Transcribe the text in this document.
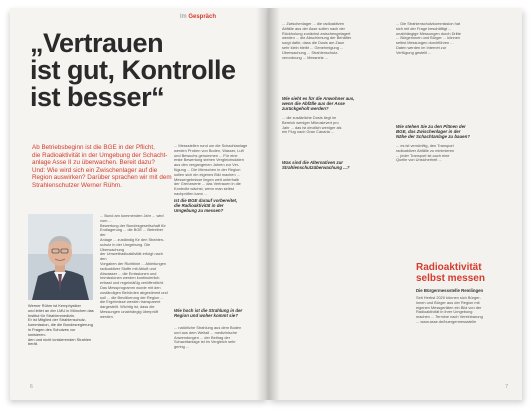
Im Gespräch
„Vertrauen
ist gut, Kontrolle
ist besser“
Ab Betriebsbeginn ist die BGE in der Pflicht,
die Radioaktivität in der Umgebung der Schacht-
anlage Asse II zu überwachen. Bereit dazu?
Und: Wie wird sich ein Zwischenlager auf die
Region auswirken? Darüber sprachen wir mit dem
Strahlenschutzer Werner Rühm.
Werner Rühm ist Kernphysiker
und leitet an der LMU in München das
Institut für Strahlenmedizin.
Er ist Mitglied der Strahlenschutz-
kommission, die die Bundesregierung
in Fragen des Schutzes vor ionisieren-
den und nicht ionisierenden Strahlen
berät.
... Bund am kommenden Jahr ... wird vom ...
Bewertung der Bundesgesellschaft für
Endlagerung ... die BGE ... Betreiber der
Anlage ... zuständig für den Strahlen-
schutz in der Umgebung. Die Überwachung
der Umweltradioaktivität erfolgt nach den
Vorgaben der Richtlinie ... Ableitungen
radioaktiver Stoffe mit Abluft und
Abwasser ... die Emissionen und
Immissionen werden kontinuierlich
erfasst und regelmäßig veröffentlicht.
Das Messprogramm wurde mit den
zuständigen Behörden abgestimmt und
soll ... die Bevölkerung der Region ...
die Ergebnisse werden transparent
dargestellt. Wichtig ist, dass die
Messungen unabhängig überprüft werden.
... Messstellen rund um die Schachtanlage
werden Proben von Boden, Wasser, Luft
und Bewuchs genommen ... Für eine
erste Bewertung stehen Vergleichsdaten
aus den vergangenen Jahren zur Ver-
fügung ... Die Menschen in der Region
sollen sich ein eigenes Bild machen ...
Messergebnisse liegen weit unterhalb
der Grenzwerte ... das Vertrauen in die
Kontrolle wächst, wenn man selbst
nachprüfen kann ...
Ist die BGE darauf vorbereitet,
die Radioaktivität in der
Umgebung zu messen?
Wie hoch ist die Strahlung in der
Region und woher kommt sie?
... natürliche Strahlung aus dem Boden
und aus dem Weltall ... medizinische
Anwendungen ... der Beitrag der
Schachtanlage ist im Vergleich sehr
gering ...
6
... Zwischenlager ... die radioaktiven
Abfälle aus der Asse sollen nach der
Rückholung zunächst zwischengelagert
werden ... die Abschirmung der Behälter
sorgt dafür, dass die Dosis am Zaun
sehr klein bleibt ... Genehmigung ...
Überwachung ... Strahlenschutz-
verordnung ... Messnetz ...
Wie sieht es für die Anwohner aus,
wenn die Abfälle aus der Asse
zurückgeholt werden?
... die zusätzliche Dosis liegt im
Bereich weniger Mikrosievert pro
Jahr ... das ist deutlich weniger als
ein Flug nach Gran Canaria ...
Was sind die Alternativen zur
Strahlenschutzüberwachung ...?
... Die Strahlenschutzkommission hat
sich mit der Frage beschäftigt ...
unabhängige Messungen durch Dritte
... Bürgerinnen und Bürger ... können
selbst Messungen durchführen ...
Daten werden im Internet zur
Verfügung gestellt ...
Wie stehen Sie zu den Plänen der
BGE, das Zwischenlager in der
Nähe der Schachtanlage zu bauen?
... es ist vernünftig, den Transport
radioaktiver Abfälle zu minimieren
... jeder Transport ist auch eine
Quelle von Unsicherheit ...
Radioaktivität
selbst messen
Die Bürgermessstelle Remlingen
Seit Herbst 2020 können sich Bürger-
innen und Bürger aus der Region mit
eigenen Messgeräten ein Bild von der
Radioaktivität in ihrer Umgebung
machen ... Termine nach Vereinbarung
... www.asse.de/buergermessstelle
7
